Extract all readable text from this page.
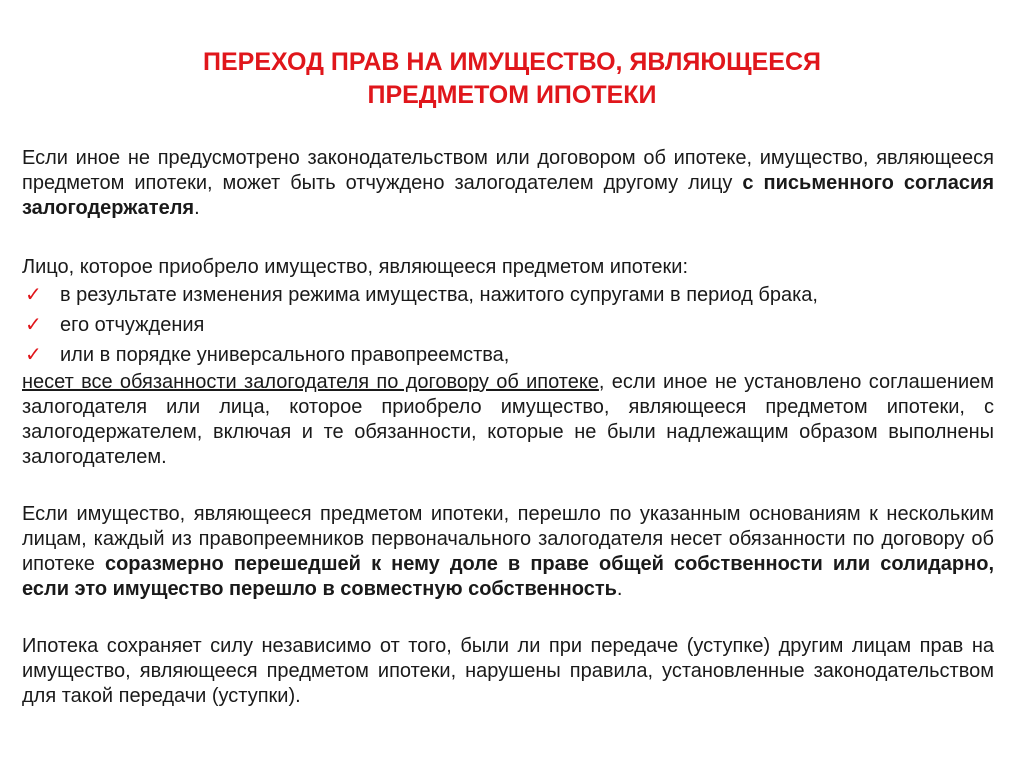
ПЕРЕХОД ПРАВ НА ИМУЩЕСТВО, ЯВЛЯЮЩЕЕСЯ
ПРЕДМЕТОМ ИПОТЕКИ

Если иное не предусмотрено законодательством или договором об ипотеке, имущество, являющееся предметом ипотеки, может быть отчуждено залогодателем другому лицу с письменного согласия залогодержателя.

Лицо, которое приобрело имущество, являющееся предметом ипотеки:

✓ в результате изменения режима имущества, нажитого супругами в период брака,
✓ его отчуждения
✓ или в порядке универсального правопреемства,

несет все обязанности залогодателя по договору об ипотеке, если иное не установлено соглашением залогодателя или лица, которое приобрело имущество, являющееся предметом ипотеки, с залогодержателем, включая и те обязанности, которые не были надлежащим образом выполнены залогодателем.

Если имущество, являющееся предметом ипотеки, перешло по указанным основаниям к нескольким лицам, каждый из правопреемников первоначального залогодателя несет обязанности по договору об ипотеке соразмерно перешедшей к нему доле в праве общей собственности или солидарно, если это имущество перешло в совместную собственность.

Ипотека сохраняет силу независимо от того, были ли при передаче (уступке) другим лицам прав на имущество, являющееся предметом ипотеки, нарушены правила, установленные законодательством для такой передачи (уступки).
